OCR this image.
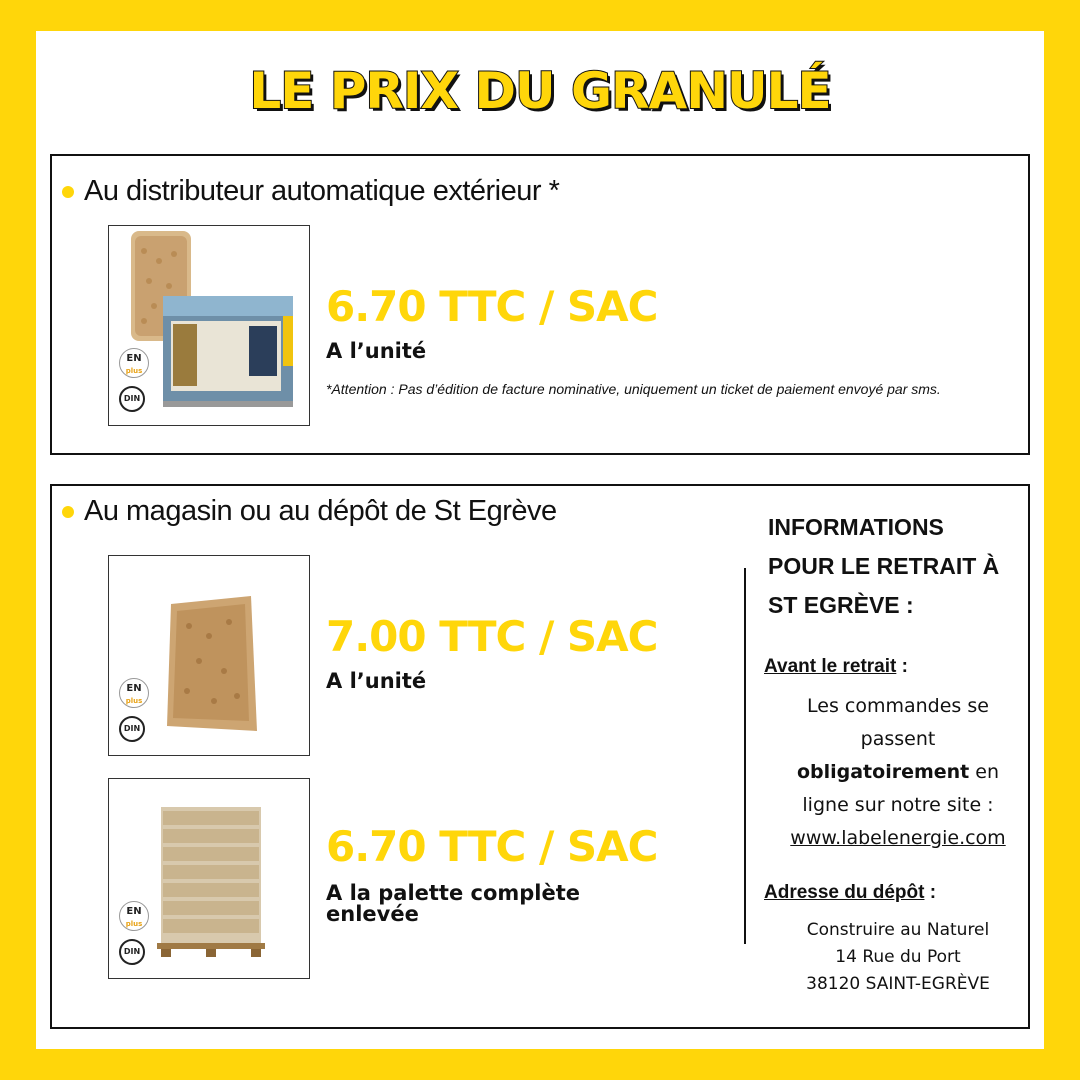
LE PRIX DU GRANULÉ
Au distributeur automatique extérieur *
EN
plus
DIN
6.70 TTC / SAC
A l’unité
*Attention : Pas d’édition de facture nominative, uniquement un ticket de paiement envoyé par sms.
Au magasin ou au dépôt de St Egrève
EN
plus
DIN
7.00 TTC / SAC
A l’unité
EN
plus
DIN
6.70 TTC / SAC
A la palette complète
enlevée
INFORMATIONS
POUR LE RETRAIT À
ST EGRÈVE :
Avant le retrait :
Les commandes se
passent
obligatoirement en
ligne sur notre site :
www.labelenergie.com
Adresse du dépôt :
Construire au Naturel
14 Rue du Port
38120 SAINT-EGRÈVE
